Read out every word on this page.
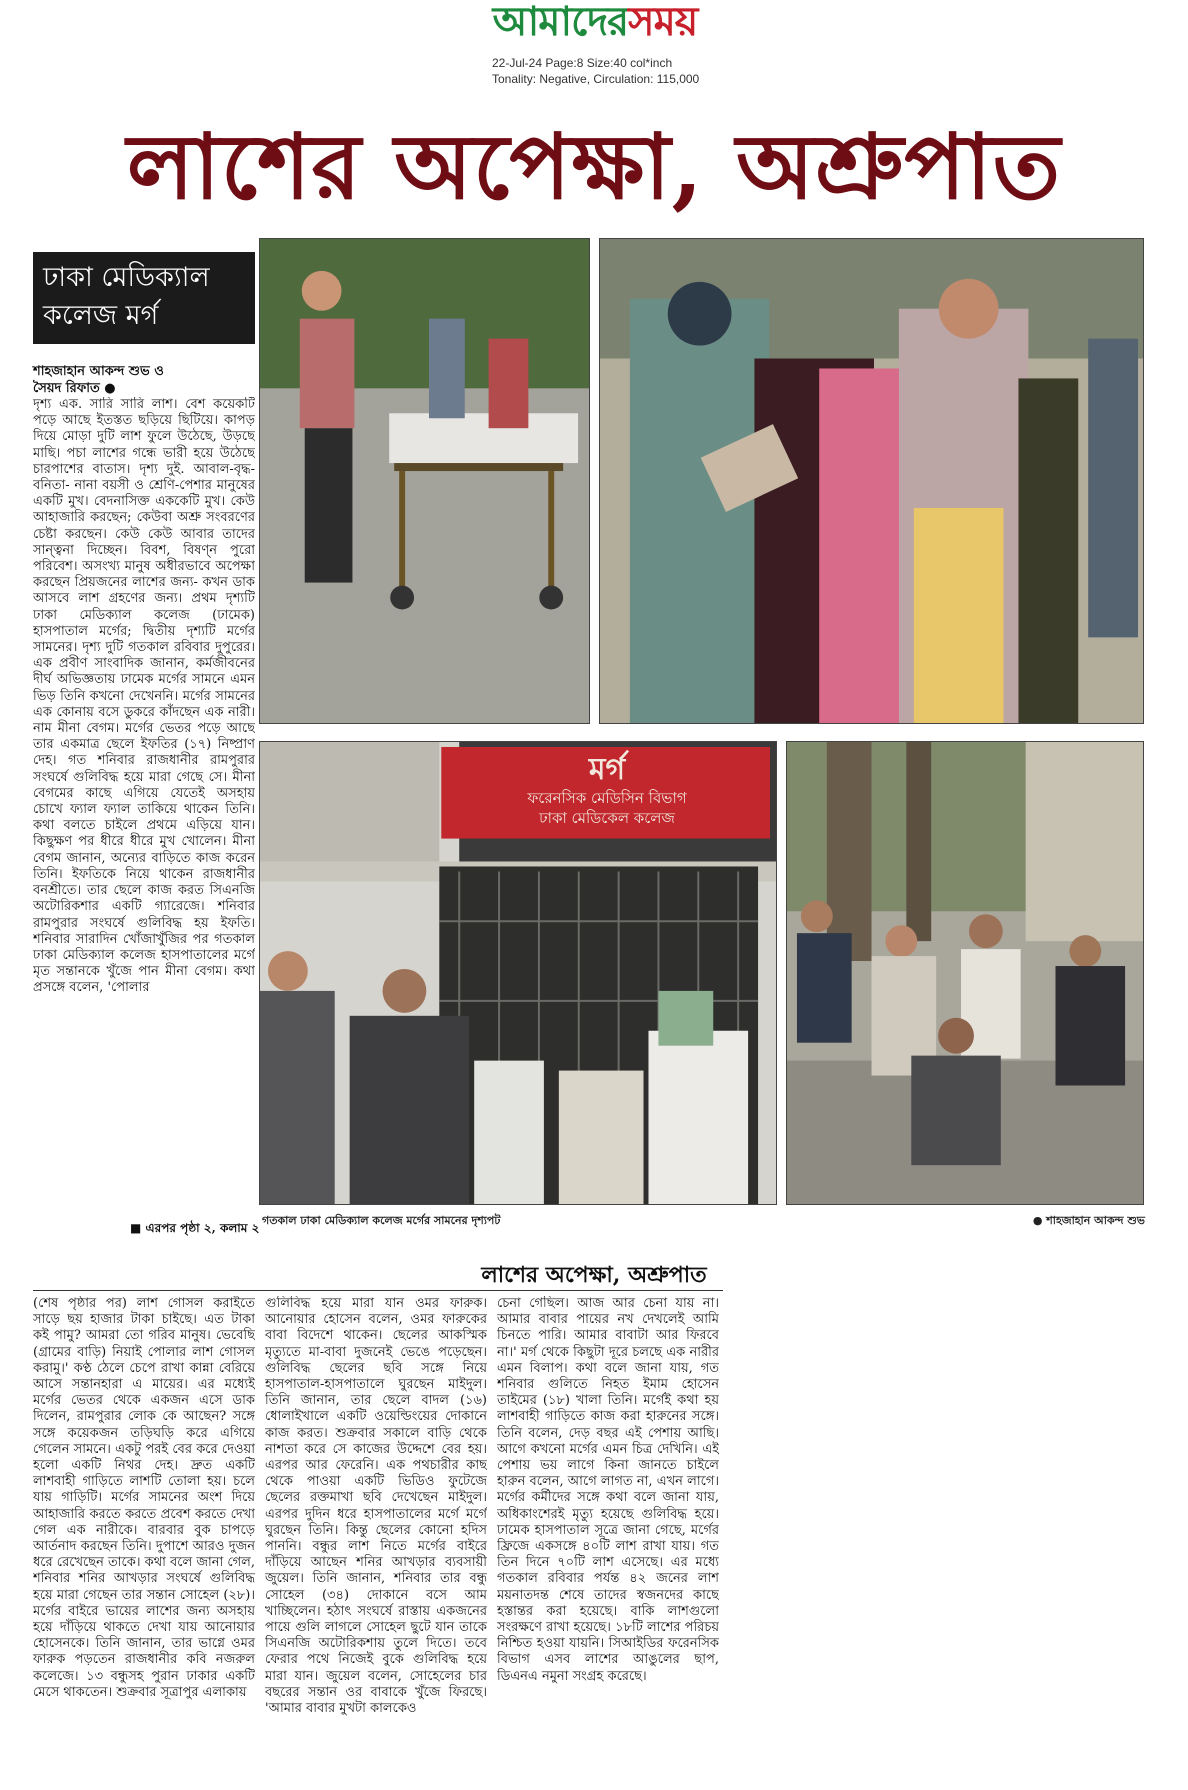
আমাদেরসময়
22-Jul-24 Page:8 Size:40 col*inch
Tonality: Negative, Circulation: 115,000
লাশের অপেক্ষা, অশ্রুপাত
ঢাকা মেডিক্যাল
কলেজ মর্গ
শাহজাহান আকন্দ শুভ ও
সৈয়দ রিফাত ●

দৃশ্য এক. সারি সারি লাশ। বেশ কয়েকটি পড়ে আছে ইতস্তত ছড়িয়ে ছিটিয়ে। কাপড় দিয়ে মোড়া দুটি লাশ ফুলে উঠেছে, উড়ছে মাছি। পচা লাশের গন্ধে ভারী হয়ে উঠেছে চারপাশের বাতাস। দৃশ্য দুই. আবাল-বৃদ্ধ-বনিতা- নানা বয়সী ও শ্রেণি-পেশার মানুষের একটি মুখ। বেদনাসিক্ত এককেটি মুখ। কেউ আহাজারি করছেন; কেউবা অশ্রু সংবরণের চেষ্টা করছেন। কেউ কেউ আবার তাদের সান্ত্বনা দিচ্ছেন। বিবশ, বিষণ্ন পুরো পরিবেশ। অসংখ্য মানুষ অধীরভাবে অপেক্ষা করছেন প্রিয়জনের লাশের জন্য- কখন ডাক আসবে লাশ গ্রহণের জন্য। প্রথম দৃশ্যটি ঢাকা মেডিক্যাল কলেজ (ঢামেক) হাসপাতাল মর্গের; দ্বিতীয় দৃশ্যটি মর্গের সামনের। দৃশ্য দুটি গতকাল রবিবার দুপুরের। এক প্রবীণ সাংবাদিক জানান, কর্মজীবনের দীর্ঘ অভিজ্ঞতায় ঢামেক মর্গের সামনে এমন ভিড় তিনি কখনো দেখেননি। মর্গের সামনের এক কোনায় বসে ডুকরে কাঁদছেন এক নারী। নাম মীনা বেগম। মর্গের ভেতর পড়ে আছে তার একমাত্র ছেলে ইফতির (১৭) নিষ্প্রাণ দেহ। গত শনিবার রাজধানীর রামপুরার সংঘর্ষে গুলিবিদ্ধ হয়ে মারা গেছে সে। মীনা বেগমের কাছে এগিয়ে যেতেই অসহায় চোখে ফ্যাল ফ্যাল তাকিয়ে থাকেন তিনি। কথা বলতে চাইলে প্রথমে এড়িয়ে যান। কিছুক্ষণ পর ধীরে ধীরে মুখ খোলেন। মীনা বেগম জানান, অন্যের বাড়িতে কাজ করেন তিনি। ইফতিকে নিয়ে থাকেন রাজধানীর বনশ্রীতে। তার ছেলে কাজ করত সিএনজি অটোরিকশার একটি গ্যারেজে। শনিবার রামপুরার সংঘর্ষে গুলিবিদ্ধ হয় ইফতি। শনিবার সারাদিন খোঁজাখুঁজির পর গতকাল ঢাকা মেডিক্যাল কলেজ হাসপাতালের মর্গে মৃত সন্তানকে খুঁজে পান মীনা বেগম। কথা প্রসঙ্গে বলেন, 'পোলার

■ এরপর পৃষ্ঠা ২, কলাম ২
মর্গ
ফরেনসিক মেডিসিন বিভাগ
ঢাকা মেডিকেল কলেজ
গতকাল ঢাকা মেডিক্যাল কলেজ মর্গের সামনের দৃশ্যপট	● শাহজাহান আকন্দ শুভ
লাশের অপেক্ষা, অশ্রুপাত

(শেষ পৃষ্ঠার পর) লাশ গোসল করাইতে সাড়ে ছয় হাজার টাকা চাইছে। এত টাকা কই পামু? আমরা তো গরিব মানুষ। ভেবেছি (গ্রামের বাড়ি) নিয়াই পোলার লাশ গোসল করামু।' কণ্ঠ ঠেলে চেপে রাখা কান্না বেরিয়ে আসে সন্তানহারা এ মায়ের। এর মধ্যেই মর্গের ভেতর থেকে একজন এসে ডাক দিলেন, রামপুরার লোক কে আছেন? সঙ্গে সঙ্গে কয়েকজন তড়িঘড়ি করে এগিয়ে গেলেন সামনে। একটু পরই বের করে দেওয়া হলো একটি নিথর দেহ। দ্রুত একটি লাশবাহী গাড়িতে লাশটি তোলা হয়। চলে যায় গাড়িটি। মর্গের সামনের অংশ দিয়ে আহাজারি করতে করতে প্রবেশ করতে দেখা গেল এক নারীকে। বারবার বুক চাপড়ে আর্তনাদ করছেন তিনি। দুপাশে আরও দুজন ধরে রেখেছেন তাকে। কথা বলে জানা গেল, শনিবার শনির আখড়ার সংঘর্ষে গুলিবিদ্ধ হয়ে মারা গেছেন তার সন্তান সোহেল (২৮)। মর্গের বাইরে ভায়ের লাশের জন্য অসহায় হয়ে দাঁড়িয়ে থাকতে দেখা যায় আনোয়ার হোসেনকে। তিনি জানান, তার ভাগ্নে ওমর ফারুক পড়তেন রাজধানীর কবি নজরুল কলেজে। ১৩ বন্ধুসহ পুরান ঢাকার একটি মেসে থাকতেন। শুক্রবার সূত্রাপুর এলাকায়

গুলিবিদ্ধ হয়ে মারা যান ওমর ফারুক। আনোয়ার হোসেন বলেন, ওমর ফারুকের বাবা বিদেশে থাকেন। ছেলের আকস্মিক মৃত্যুতে মা-বাবা দুজনেই ভেঙে পড়েছেন। গুলিবিদ্ধ ছেলের ছবি সঙ্গে নিয়ে হাসপাতাল-হাসপাতালে ঘুরছেন মাইদুল। তিনি জানান, তার ছেলে বাদল (১৬) ধোলাইখালে একটি ওয়েল্ডিংয়ের দোকানে কাজ করত। শুক্রবার সকালে বাড়ি থেকে নাশতা করে সে কাজের উদ্দেশে বের হয়। এরপর আর ফেরেনি। এক পথচারীর কাছ থেকে পাওয়া একটি ভিডিও ফুটেজে ছেলের রক্তমাখা ছবি দেখেছেন মাইদুল। এরপর দুদিন ধরে হাসপাতালের মর্গে মর্গে ঘুরছেন তিনি। কিন্তু ছেলের কোনো হদিস পাননি। বন্ধুর লাশ নিতে মর্গের বাইরে দাঁড়িয়ে আছেন শনির আখড়ার ব্যবসায়ী জুয়েল। তিনি জানান, শনিবার তার বন্ধু সোহেল (৩৪) দোকানে বসে আম খাচ্ছিলেন। হঠাৎ সংঘর্ষে রাস্তায় একজনের পায়ে গুলি লাগলে সোহেল ছুটে যান তাকে সিএনজি অটোরিকশায় তুলে দিতে। তবে ফেরার পথে নিজেই বুকে গুলিবিদ্ধ হয়ে মারা যান। জুয়েল বলেন, সোহেলের চার বছরের সন্তান ওর বাবাকে খুঁজে ফিরছে। 'আমার বাবার মুখটা কালকেও

চেনা গেছিল। আজ আর চেনা যায় না। আমার বাবার পায়ের নখ দেখলেই আমি চিনতে পারি। আমার বাবাটা আর ফিরবে না।' মর্গ থেকে কিছুটা দূরে চলছে এক নারীর এমন বিলাপ। কথা বলে জানা যায়, গত শনিবার গুলিতে নিহত ইমাম হোসেন তাইমের (১৮) খালা তিনি। মর্গেই কথা হয় লাশবাহী গাড়িতে কাজ করা হারুনের সঙ্গে। তিনি বলেন, দেড় বছর এই পেশায় আছি। আগে কখনো মর্গের এমন চিত্র দেখিনি। এই পেশায় ভয় লাগে কিনা জানতে চাইলে হারুন বলেন, আগে লাগত না, এখন লাগে। মর্গের কর্মীদের সঙ্গে কথা বলে জানা যায়, অধিকাংশেরই মৃত্যু হয়েছে গুলিবিদ্ধ হয়ে। ঢামেক হাসপাতাল সূত্রে জানা গেছে, মর্গের ফ্রিজে একসঙ্গে ৪০টি লাশ রাখা যায়। গত তিন দিনে ৭০টি লাশ এসেছে। এর মধ্যে গতকাল রবিবার পর্যন্ত ৪২ জনের লাশ ময়নাতদন্ত শেষে তাদের স্বজনদের কাছে হস্তান্তর করা হয়েছে। বাকি লাশগুলো সংরক্ষণে রাখা হয়েছে। ১৮টি লাশের পরিচয় নিশ্চিত হওয়া যায়নি। সিআইডির ফরেনসিক বিভাগ এসব লাশের আঙুলের ছাপ, ডিএনএ নমুনা সংগ্রহ করেছে।
